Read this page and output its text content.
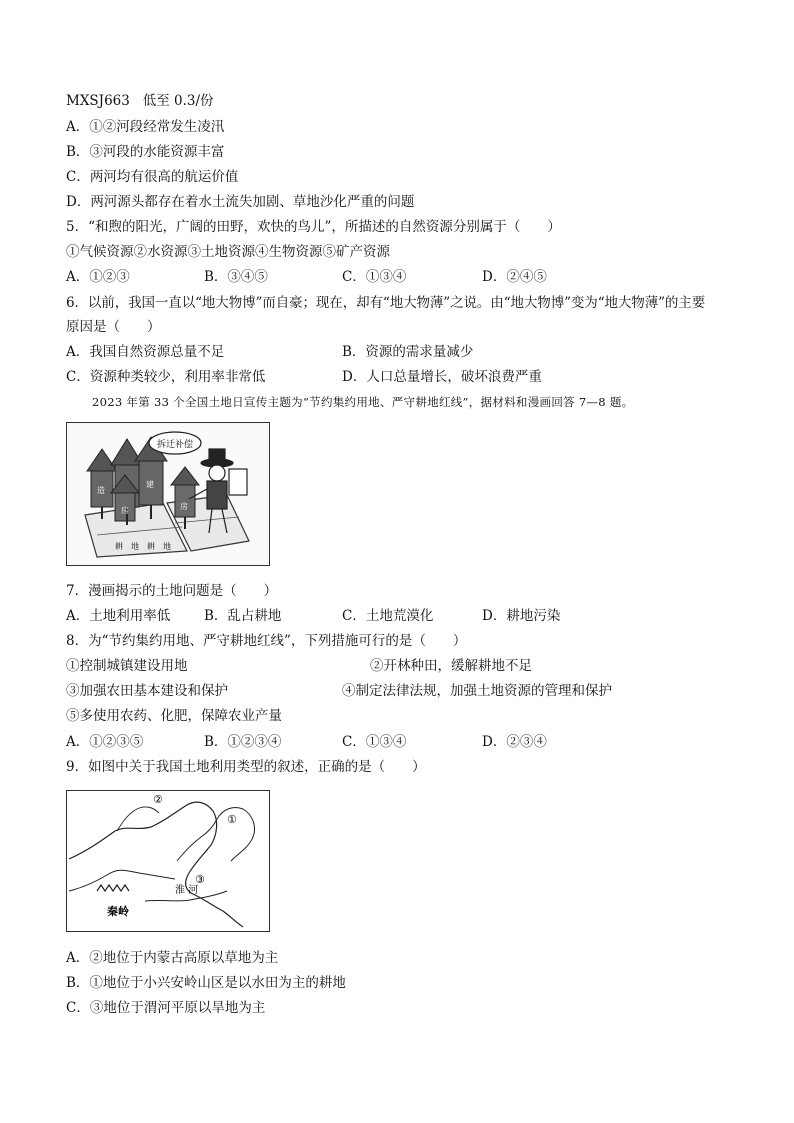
MXSJ663 低至 0.3/份
A．①②河段经常发生凌汛
B．③河段的水能资源丰富
C．两河均有很高的航运价值
D．两河源头都存在着水土流失加剧、草地沙化严重的问题
5．“和煦的阳光，广阔的田野，欢快的鸟儿”，所描述的自然资源分别属于（　　）
①气候资源②水资源③土地资源④生物资源⑤矿产资源
A．①②③	B．③④⑤	C．①③④	D．②④⑤
6．以前，我国一直以“地大物博”而自豪；现在，却有“地大物薄”之说。由“地大物博”变为“地大物薄”的主要
原因是（　　）
A．我国自然资源总量不足	B．资源的需求量减少
C．资源种类较少，利用率非常低	D．人口总量增长，破坏浪费严重
2023 年第 33 个全国土地日宣传主题为“节约集约用地、严守耕地红线”，据材料和漫画回答 7—8 题。
造
房
建
房
拆迁补偿
耕　地　耕　地
7．漫画揭示的土地问题是（　　）
A．土地利用率低	B．乱占耕地	C．土地荒漠化	D．耕地污染
8．为“节约集约用地、严守耕地红线”，下列措施可行的是（　　）
①控制城镇建设用地	②开林种田，缓解耕地不足
③加强农田基本建设和保护	④制定法律法规，加强土地资源的管理和保护
⑤多使用农药、化肥，保障农业产量
A．①②③⑤	B．①②③④	C．①③④	D．②③④
9．如图中关于我国土地利用类型的叙述，正确的是（　　）
②
①
③
秦岭
淮 河
A．②地位于内蒙古高原以草地为主
B．①地位于小兴安岭山区是以水田为主的耕地
C．③地位于渭河平原以旱地为主
